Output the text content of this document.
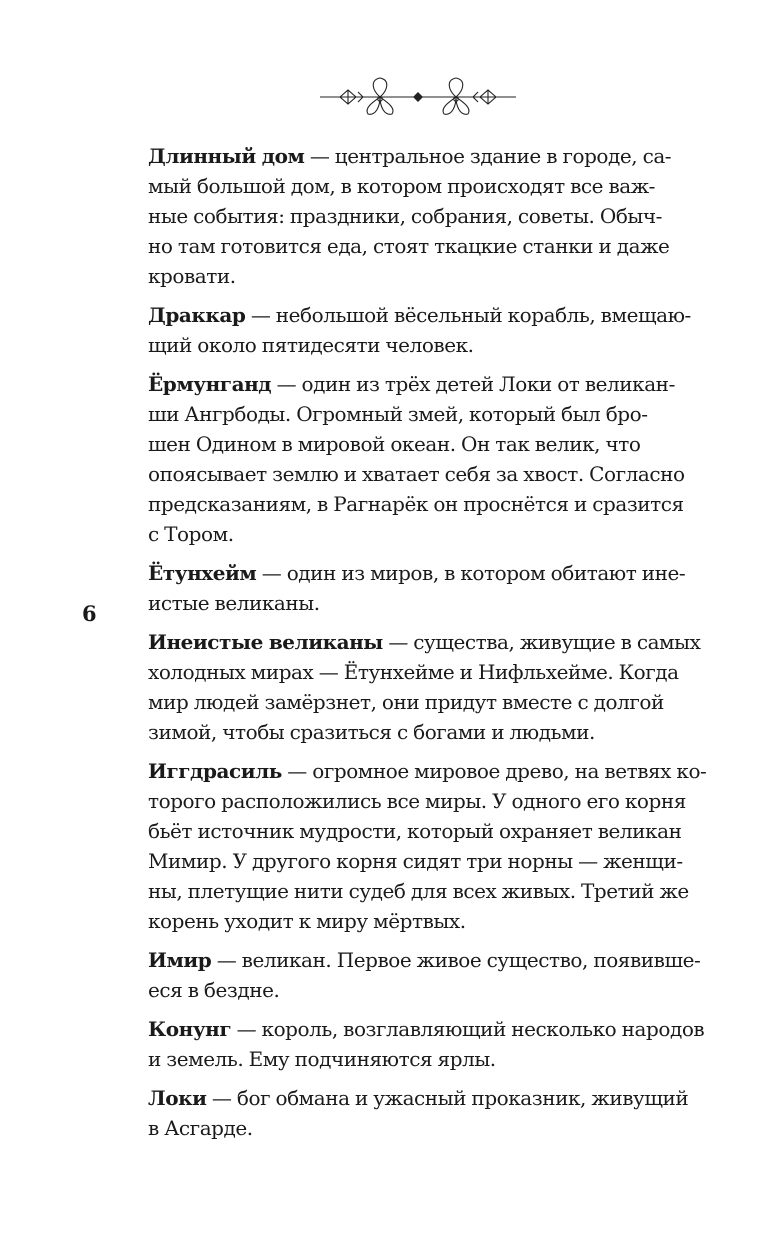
6

Длинный дом — центральное здание в городе, са-
мый большой дом, в котором происходят все важ-
ные события: праздники, собрания, советы. Обыч-
но там готовится еда, стоят ткацкие станки и даже
кровати.

Драккар — небольшой вёсельный корабль, вмещаю-
щий около пятидесяти человек.

Ёрмунганд — один из трёх детей Локи от великан-
ши Ангрбоды. Огромный змей, который был бро-
шен Одином в мировой океан. Он так велик, что
опоясывает землю и хватает себя за хвост. Согласно
предсказаниям, в Рагнарёк он проснётся и сразится
с Тором.

Ётунхейм — один из миров, в котором обитают ине-
истые великаны.

Инеистые великаны — существа, живущие в самых
холодных мирах — Ётунхейме и Нифльхейме. Когда
мир людей замёрзнет, они придут вместе с долгой
зимой, чтобы сразиться с богами и людьми.

Иггдрасиль — огромное мировое древо, на ветвях ко-
торого расположились все миры. У одного его корня
бьёт источник мудрости, который охраняет великан
Мимир. У другого корня сидят три норны — женщи-
ны, плетущие нити судеб для всех живых. Третий же
корень уходит к миру мёртвых.

Имир — великан. Первое живое существо, появивше-
еся в бездне.

Конунг — король, возглавляющий несколько народов
и земель. Ему подчиняются ярлы.

Локи — бог обмана и ужасный проказник, живущий
в Асгарде.
